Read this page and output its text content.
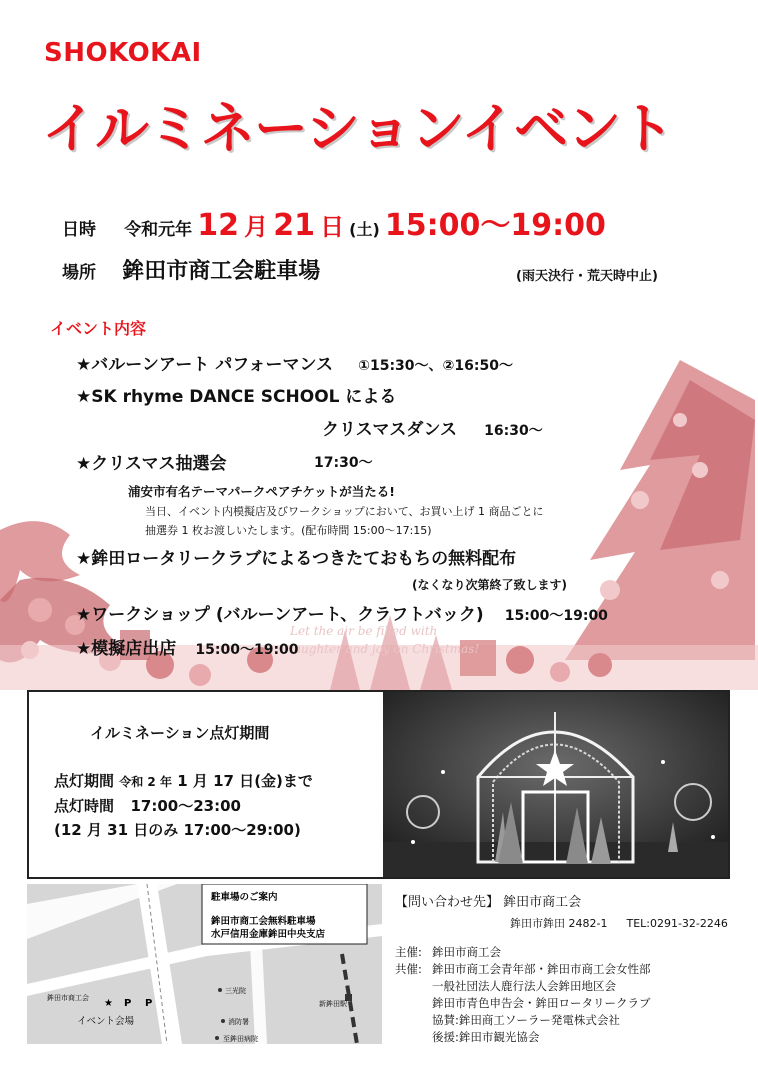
SHOKOKAI
イルミネーションイベント
日時 令和元年 12 月 21 日 (土) 15:00〜19:00
場所 鉾田市商工会駐車場	(雨天決行・荒天時中止)
Let the air be filled with
laughter and joy on Christmas!
イベント内容
★バルーンアート パフォーマンス ①15:30〜、②16:50〜
★SK rhyme DANCE SCHOOL による
クリスマスダンス 16:30〜
★クリスマス抽選会	17:30〜
浦安市有名テーマパークペアチケットが当たる!
当日、イベント内模擬店及びワークショップにおいて、お買い上げ 1 商品ごとに
抽選券 1 枚お渡しいたします。(配布時間 15:00〜17:15)
★鉾田ロータリークラブによるつきたておもちの無料配布
(なくなり次第終了致します)
★ワークショップ (バルーンアート、クラフトバック) 15:00〜19:00
★模擬店出店 15:00〜19:00
イルミネーション点灯期間
点灯期間 令和 2 年 1 月 17 日(金)まで
点灯時間 17:00〜23:00
(12 月 31 日のみ 17:00〜29:00)
駐車場のご案内
鉾田市商工会無料駐車場
水戸信用金庫鉾田中央支店
鉾田市商工会 ★ P P
イベント会場
三光院
新鉾田駅
消防署
至鉾田病院
【問い合わせ先】 鉾田市商工会
鉾田市鉾田 2482-1 TEL:0291-32-2246
主催: 鉾田市商工会
共催: 鉾田市商工会青年部・鉾田市商工会女性部
一般社団法人鹿行法人会鉾田地区会
鉾田市青色申告会・鉾田ロータリークラブ
協賛:鉾田商工ソーラー発電株式会社
後援:鉾田市観光協会
